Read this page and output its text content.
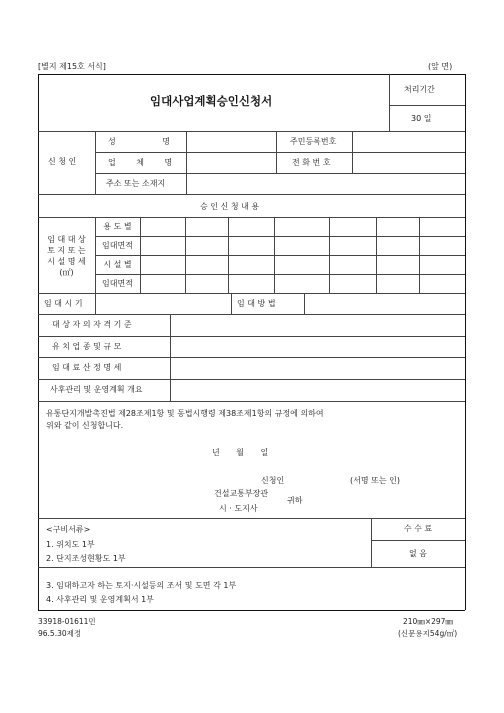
[별지 제15호 서식]	(앞 면)
임대사업계획승인신청서
처리기간
30 일
신 청 인
성 명	주민등록번호
업 체 명	전 화 번 호
주소 또는 소재지
승 인 신 청 내 용
임 대 대 상
토 지 또 는
시 설 명 세
(㎡)
용 도 별
임대면적
시 설 별
임대면적
임 대 시 기	임 대 방 법
대 상 자 의 자 격 기 준
유 치 업 종 및 규 모
임 대 료 산 정 명 세
사후관리 및 운영계획 개요
유통단지개발촉진법 제28조제1항 및 동법시행령 제38조제1항의 규정에 의하여
위와 같이 신청합니다.
년 월 일
신청인	(서명 또는 인)
건설교통부장관
시 · 도지사
귀하
<구비서류>
1. 위치도 1부
2. 단지조성현황도 1부
3. 임대하고자 하는 토지·시설등의 조서 및 도면 각 1부
4. 사후관리 및 운영계획서 1부
수 수 료
없 음
33918-01611민
96.5.30제정
210㎜×297㎜
(신문용지54g/㎡)
